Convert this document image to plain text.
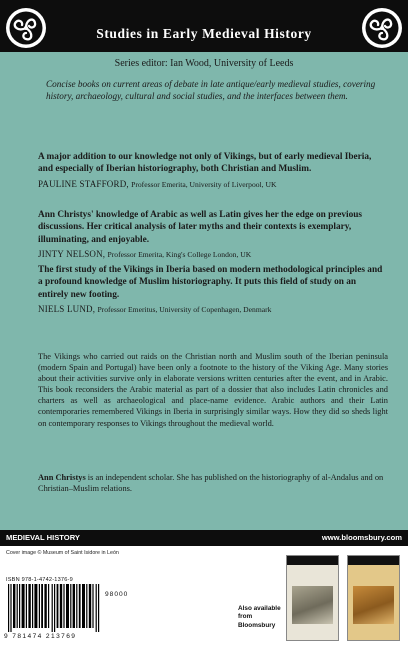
Studies in Early Medieval History
Series editor: Ian Wood, University of Leeds
Concise books on current areas of debate in late antique/early medieval studies, covering history, archaeology, cultural and social studies, and the interfaces between them.
A major addition to our knowledge not only of Vikings, but of early medieval Iberia, and especially of Iberian historiography, both Christian and Muslim.
PAULINE STAFFORD, Professor Emerita, University of Liverpool, UK
Ann Christys' knowledge of Arabic as well as Latin gives her the edge on previous discussions. Her critical analysis of later myths and their contexts is exemplary, illuminating, and enjoyable.
JINTY NELSON, Professor Emerita, King's College London, UK
The first study of the Vikings in Iberia based on modern methodological principles and a profound knowledge of Muslim historiography. It puts this field of study on an entirely new footing.
NIELS LUND, Professor Emeritus, University of Copenhagen, Denmark
The Vikings who carried out raids on the Christian north and Muslim south of the Iberian peninsula (modern Spain and Portugal) have been only a footnote to the history of the Viking Age. Many stories about their activities survive only in elaborate versions written centuries after the event, and in Arabic. This book reconsiders the Arabic material as part of a dossier that also includes Latin chronicles and charters as well as archaeological and place-name evidence. Arabic authors and their Latin contemporaries remembered Vikings in Iberia in surprisingly similar ways. How they did so sheds light on contemporary responses to Vikings throughout the medieval world.
Ann Christys is an independent scholar. She has published on the historiography of al-Andalus and on Christian–Muslim relations.
MEDIEVAL HISTORY	www.bloomsbury.com
Cover image © Museum of Saint Isidore in León
ISBN 978-1-4742-1376-9
9 781474 213769
98000
Also available from Bloomsbury
